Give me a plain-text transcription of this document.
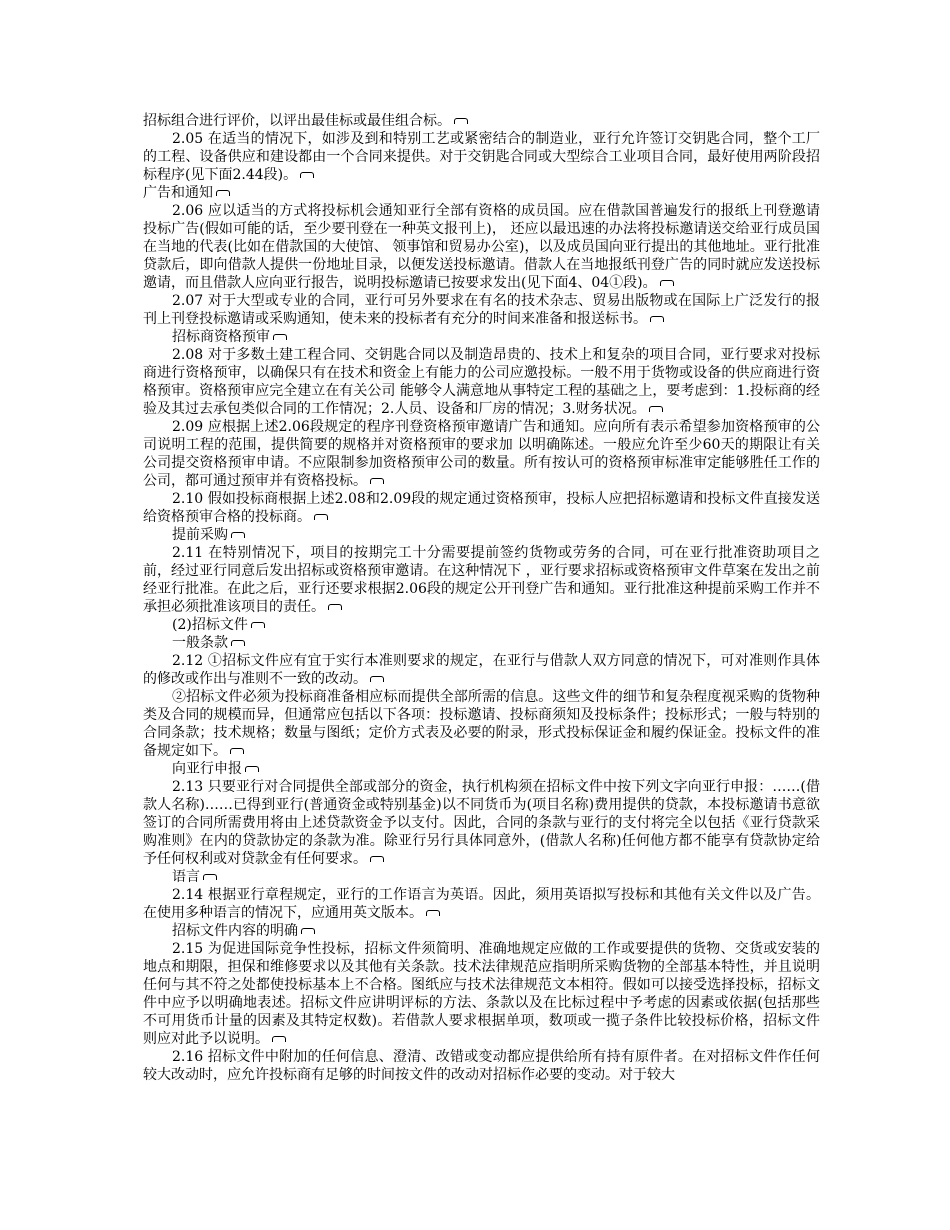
招标组合进行评价，以评出最佳标或最佳组合标。

2.05 在适当的情况下，如涉及到和特别工艺或紧密结合的制造业，亚行允许签订交钥匙合同，整个工厂的工程、设备供应和建设都由一个合同来提供。对于交钥匙合同或大型综合工业项目合同，最好使用两阶段招标程序(见下面2.44段)。

广告和通知

2.06 应以适当的方式将投标机会通知亚行全部有资格的成员国。应在借款国普遍发行的报纸上刊登邀请投标广告(假如可能的话，至少要刊登在一种英文报刊上)， 还应以最迅速的办法将投标邀请送交给亚行成员国在当地的代表(比如在借款国的大使馆、 领事馆和贸易办公室)，以及成员国向亚行提出的其他地址。亚行批准贷款后，即向借款人提供一份地址目录，以便发送投标邀请。借款人在当地报纸刊登广告的同时就应发送投标邀请，而且借款人应向亚行报告，说明投标邀请已按要求发出(见下面4、04①段)。

2.07 对于大型或专业的合同，亚行可另外要求在有名的技术杂志、贸易出版物或在国际上广泛发行的报刊上刊登投标邀请或采购通知，使未来的投标者有充分的时间来准备和报送标书。

招标商资格预审

2.08 对于多数土建工程合同、交钥匙合同以及制造昂贵的、技术上和复杂的项目合同，亚行要求对投标商进行资格预审，以确保只有在技术和资金上有能力的公司应邀投标。一般不用于货物或设备的供应商进行资格预审。资格预审应完全建立在有关公司 能够令人满意地从事特定工程的基础之上，要考虑到：1.投标商的经验及其过去承包类似合同的工作情况；2.人员、设备和厂房的情况；3.财务状况。

2.09 应根据上述2.06段规定的程序刊登资格预审邀请广告和通知。应向所有表示希望参加资格预审的公司说明工程的范围，提供简要的规格并对资格预审的要求加 以明确陈述。一般应允许至少60天的期限让有关公司提交资格预审申请。不应限制参加资格预审公司的数量。所有按认可的资格预审标准审定能够胜任工作的公司，都可通过预审并有资格投标。

2.10 假如投标商根据上述2.08和2.09段的规定通过资格预审，投标人应把招标邀请和投标文件直接发送给资格预审合格的投标商。

提前采购

2.11 在特别情况下，项目的按期完工十分需要提前签约货物或劳务的合同，可在亚行批准资助项目之前，经过亚行同意后发出招标或资格预审邀请。在这种情况下 ，亚行要求招标或资格预审文件草案在发出之前经亚行批准。在此之后，亚行还要求根据2.06段的规定公开刊登广告和通知。亚行批准这种提前采购工作并不承担必须批准该项目的责任。

(2)招标文件

一般条款

2.12 ①招标文件应有宜于实行本准则要求的规定，在亚行与借款人双方同意的情况下，可对准则作具体的修改或作出与准则不一致的改动。

②招标文件必须为投标商准备相应标而提供全部所需的信息。这些文件的细节和复杂程度视采购的货物种类及合同的规模而异，但通常应包括以下各项：投标邀请、投标商须知及投标条件；投标形式；一般与特别的合同条款；技术规格；数量与图纸；定价方式表及必要的附录，形式投标保证金和履约保证金。投标文件的准备规定如下。

向亚行申报

2.13 只要亚行对合同提供全部或部分的资金，执行机构须在招标文件中按下列文字向亚行申报：……(借款人名称)……已得到亚行(普通资金或特别基金)以不同货币为(项目名称)费用提供的贷款，本投标邀请书意欲签订的合同所需费用将由上述贷款资金予以支付。因此，合同的条款与亚行的支付将完全以包括《亚行贷款采购准则》在内的贷款协定的条款为准。除亚行另行具体同意外，(借款人名称)任何他方都不能享有贷款协定给予任何权利或对贷款金有任何要求。

语言

2.14 根据亚行章程规定，亚行的工作语言为英语。因此，须用英语拟写投标和其他有关文件以及广告。在使用多种语言的情况下，应通用英文版本。

招标文件内容的明确

2.15 为促进国际竞争性投标，招标文件须简明、准确地规定应做的工作或要提供的货物、交货或安装的地点和期限，担保和维修要求以及其他有关条款。技术法律规范应指明所采购货物的全部基本特性，并且说明任何与其不符之处都使投标基本上不合格。图纸应与技术法律规范文本相符。假如可以接受选择投标，招标文件中应予以明确地表述。招标文件应讲明评标的方法、条款以及在比标过程中予考虑的因素或依据(包括那些不可用货币计量的因素及其特定权数)。若借款人要求根据单项，数项或一揽子条件比较投标价格，招标文件则应对此予以说明。

2.16 招标文件中附加的任何信息、澄清、改错或变动都应提供给所有持有原件者。在对招标文件作任何较大改动时，应允许投标商有足够的时间按文件的改动对招标作必要的变动。对于较大
